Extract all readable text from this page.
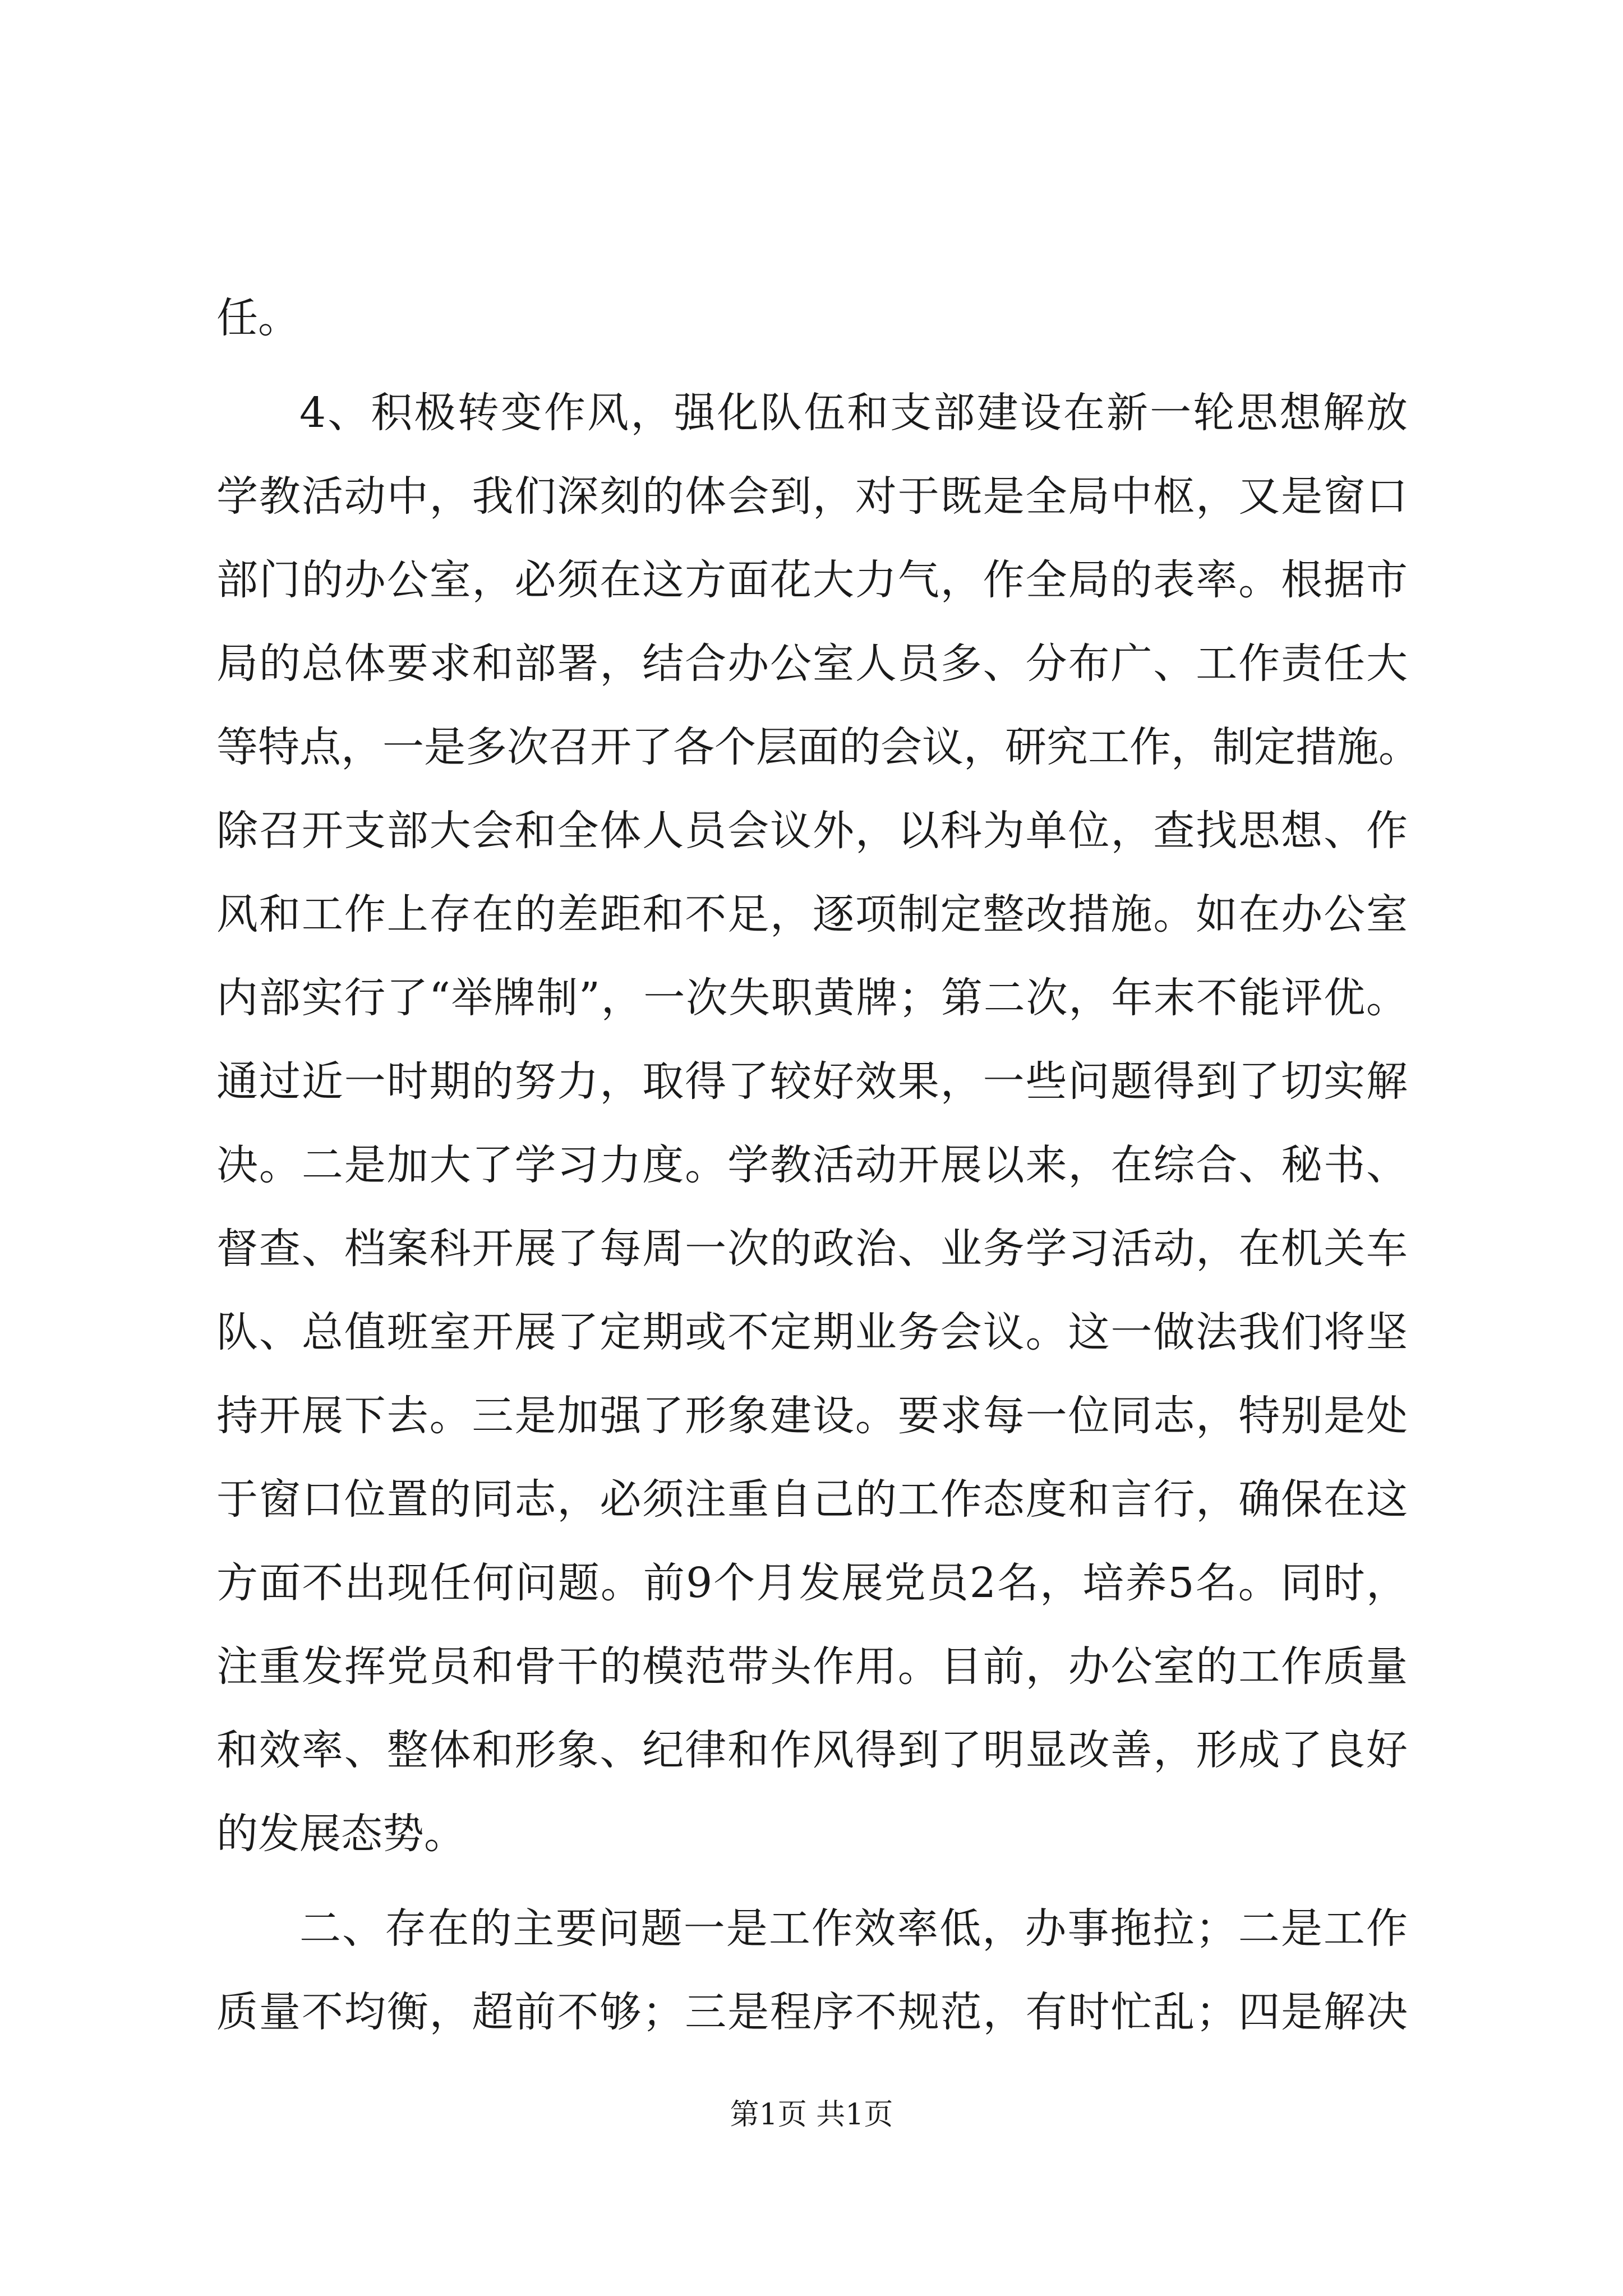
任。
4、积极转变作风，强化队伍和支部建设在新一轮思想解放
学教活动中，我们深刻的体会到，对于既是全局中枢，又是窗口
部门的办公室，必须在这方面花大力气，作全局的表率。根据市
局的总体要求和部署，结合办公室人员多、分布广、工作责任大
等特点，一是多次召开了各个层面的会议，研究工作，制定措施。
除召开支部大会和全体人员会议外，以科为单位，查找思想、作
风和工作上存在的差距和不足，逐项制定整改措施。如在办公室
内部实行了“举牌制”，一次失职黄牌；第二次，年末不能评优。
通过近一时期的努力，取得了较好效果，一些问题得到了切实解
决。二是加大了学习力度。学教活动开展以来，在综合、秘书、
督查、档案科开展了每周一次的政治、业务学习活动，在机关车
队、总值班室开展了定期或不定期业务会议。这一做法我们将坚
持开展下去。三是加强了形象建设。要求每一位同志，特别是处
于窗口位置的同志，必须注重自己的工作态度和言行，确保在这
方面不出现任何问题。前9个月发展党员2名，培养5名。同时，
注重发挥党员和骨干的模范带头作用。目前，办公室的工作质量
和效率、整体和形象、纪律和作风得到了明显改善，形成了良好
的发展态势。
二、存在的主要问题一是工作效率低，办事拖拉；二是工作
质量不均衡，超前不够；三是程序不规范，有时忙乱；四是解决
第1页 共1页
